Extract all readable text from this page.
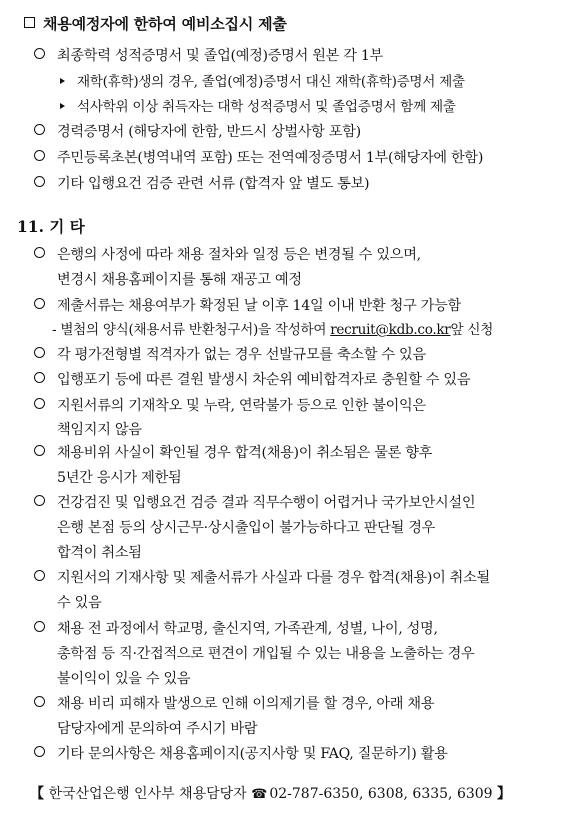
채용예정자에 한하여 예비소집시 제출
최종학력 성적증명서 및 졸업(예정)증명서 원본 각 1부
재학(휴학)생의 경우, 졸업(예정)증명서 대신 재학(휴학)증명서 제출
석사학위 이상 취득자는 대학 성적증명서 및 졸업증명서 함께 제출
경력증명서 (해당자에 한함, 반드시 상벌사항 포함)
주민등록초본(병역내역 포함) 또는 전역예정증명서 1부(해당자에 한함)
기타 입행요건 검증 관련 서류 (합격자 앞 별도 통보)
11. 기 타
은행의 사정에 따라 채용 절차와 일정 등은 변경될 수 있으며,
변경시 채용홈페이지를 통해 재공고 예정
제출서류는 채용여부가 확정된 날 이후 14일 이내 반환 청구 가능함
- 별첨의 양식(채용서류 반환청구서)을 작성하여 recruit@kdb.co.kr앞 신청
각 평가전형별 적격자가 없는 경우 선발규모를 축소할 수 있음
입행포기 등에 따른 결원 발생시 차순위 예비합격자로 충원할 수 있음
지원서류의 기재착오 및 누락, 연락불가 등으로 인한 불이익은
책임지지 않음
채용비위 사실이 확인될 경우 합격(채용)이 취소됨은 물론 향후
5년간 응시가 제한됨
건강검진 및 입행요건 검증 결과 직무수행이 어렵거나 국가보안시설인
은행 본점 등의 상시근무·상시출입이 불가능하다고 판단될 경우
합격이 취소됨
지원서의 기재사항 및 제출서류가 사실과 다를 경우 합격(채용)이 취소될
수 있음
채용 전 과정에서 학교명, 출신지역, 가족관계, 성별, 나이, 성명,
총학점 등 직·간접적으로 편견이 개입될 수 있는 내용을 노출하는 경우
불이익이 있을 수 있음
채용 비리 피해자 발생으로 인해 이의제기를 할 경우, 아래 채용
담당자에게 문의하여 주시기 바람
기타 문의사항은 채용홈페이지(공지사항 및 FAQ, 질문하기) 활용
【 한국산업은행 인사부 채용담당자 ☎ 02-787-6350, 6308, 6335, 6309 】
